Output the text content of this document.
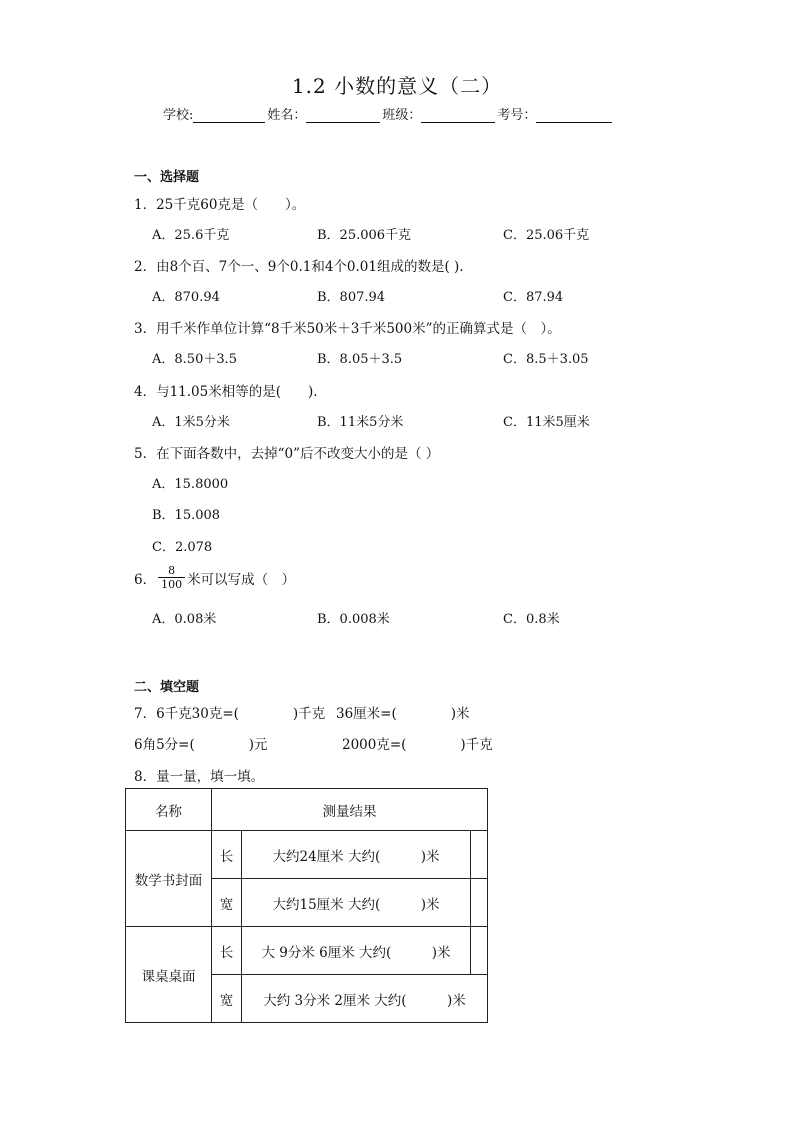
1.2 小数的意义（二）
学校:	姓名：	班级：	考号：
一、选择题
1．25千克60克是（　　）。
A．25.6千克	B．25.006千克	C．25.06千克
2．由8个百、7个一、9个0.1和4个0.01组成的数是( ).
A．870.94	B．807.94	C．87.94
3．用千米作单位计算“8千米50米＋3千米500米”的正确算式是（　）。
A．8.50＋3.5	B．8.05＋3.5	C．8.5＋3.05
4．与11.05米相等的是(　　).
A．1米5分米	B．11米5分米	C．11米5厘米
5．在下面各数中，去掉“0”后不改变大小的是（ ）
A．15.8000
B．15.008
C．2.078
6． $\frac{8}{100}$ 米可以写成（　）
A．0.08米	B．0.008米	C．0.8米
二、填空题
7．6千克30克=(　　　　)千克 36厘米=(　　　　)米
6角5分=(　　　　)元	2000克=(　　　　)千克
8．量一量，填一填。
名称	测量结果		
数学书封面	长	大约24厘米 大约(　　　)米	
	宽	大约15厘米 大约(　　　)米	
课桌桌面	长	大 9分米 6厘米 大约(　　　)米	
	宽	大约 3分米 2厘米 大约(　　　)米	
